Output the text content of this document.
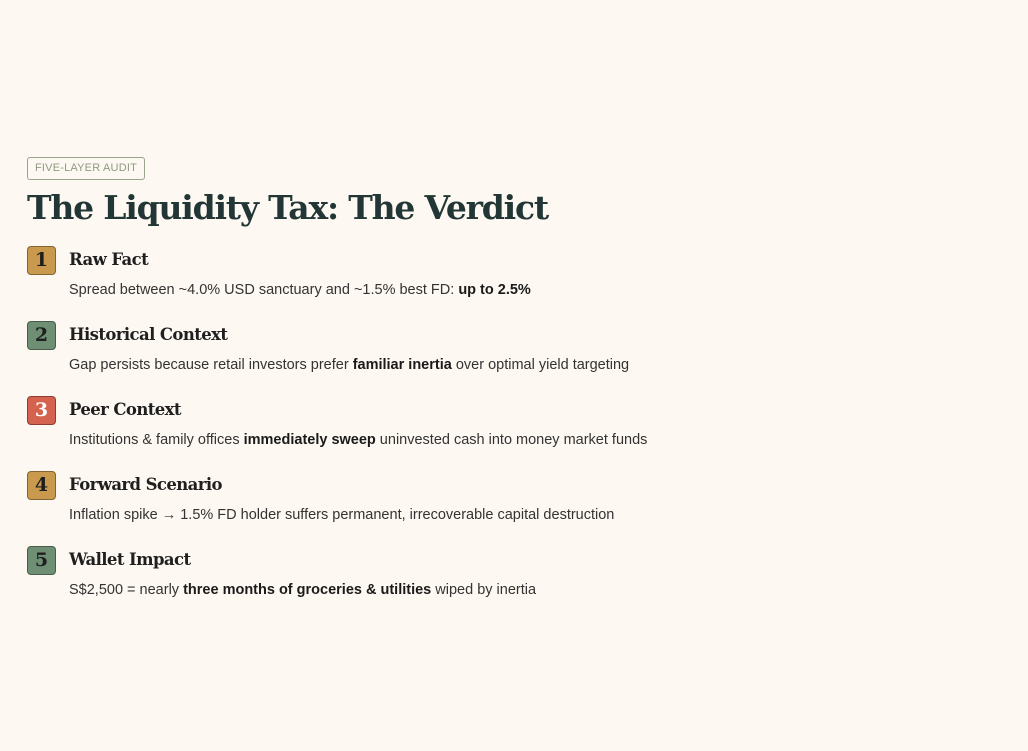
FIVE-LAYER AUDIT
The Liquidity Tax: The Verdict
1	Raw Fact
Spread between ~4.0% USD sanctuary and ~1.5% best FD: up to 2.5%
2	Historical Context
Gap persists because retail investors prefer familiar inertia over optimal yield targeting
3	Peer Context
Institutions & family offices immediately sweep uninvested cash into money market funds
4	Forward Scenario
Inflation spike → 1.5% FD holder suffers permanent, irrecoverable capital destruction
5	Wallet Impact
S$2,500 = nearly three months of groceries & utilities wiped by inertia
